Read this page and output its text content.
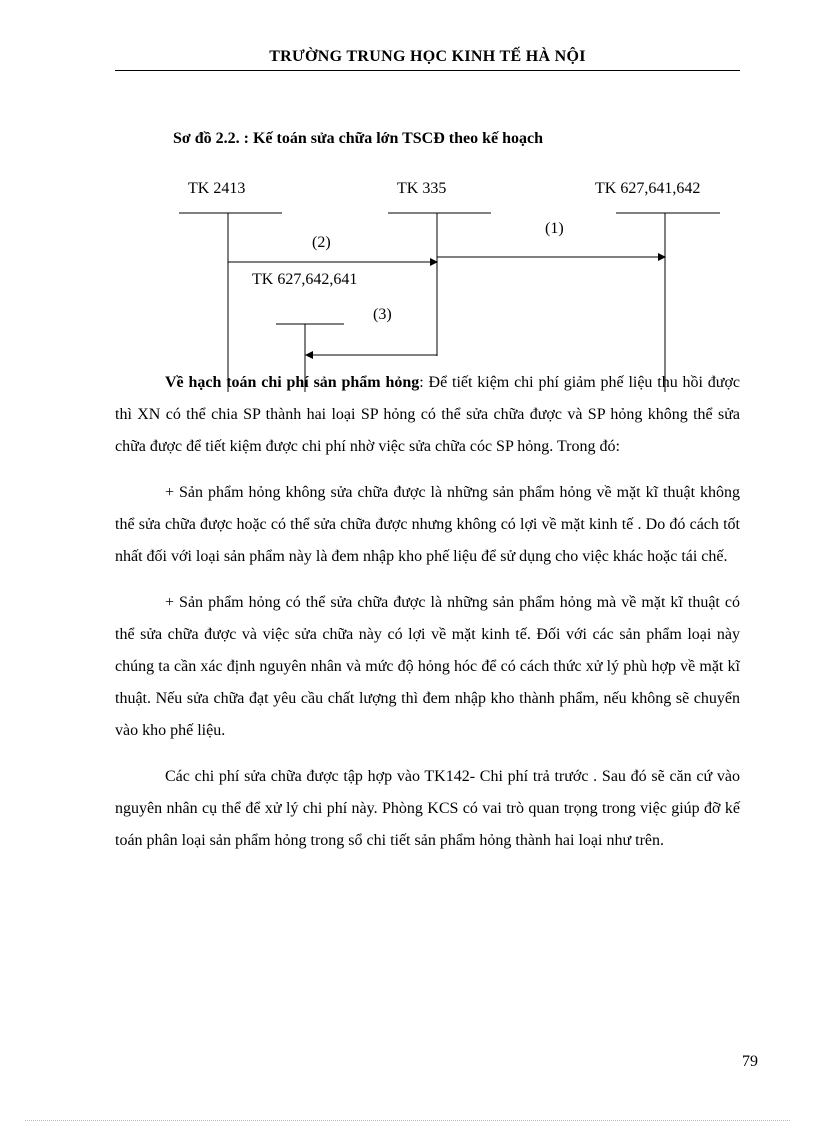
TRƯỜNG TRUNG HỌC KINH TẾ HÀ NỘI
Sơ đồ 2.2. : Kế toán sửa chữa lớn TSCĐ theo kế hoạch
TK 2413	TK 335	TK 627,641,642
TK 627,642,641
(1)
(2)
(3)

Về hạch toán chi phí sản phẩm hỏng: Để tiết kiệm chi phí giảm phế liệu thu hồi được thì XN có thể chia SP thành hai loại SP hỏng có thể sửa chữa được và SP hỏng không thể sửa chữa được để tiết kiệm được chi phí nhờ việc sửa chữa cóc SP hỏng. Trong đó:

+ Sản phẩm hỏng không sửa chữa được là những sản phẩm hỏng về mặt kĩ thuật không thể sửa chữa được hoặc có thể sửa chữa được nhưng không có lợi về mặt kinh tế . Do đó cách tốt nhất đối với loại sản phẩm này là đem nhập kho phế liệu để sử dụng cho việc khác hoặc tái chế.

+ Sản phẩm hỏng có thể sửa chữa được là những sản phẩm hỏng mà về mặt kĩ thuật có thể sửa chữa được và việc sửa chữa này có lợi về mặt kinh tế. Đối với các sản phẩm loại này chúng ta cần xác định nguyên nhân và mức độ hỏng hóc để có cách thức xử lý phù hợp về mặt kĩ thuật. Nếu sửa chữa đạt yêu cầu chất lượng thì đem nhập kho thành phẩm, nếu không sẽ chuyển vào kho phế liệu.

Các chi phí sửa chữa được tập hợp vào TK142- Chi phí trả trước . Sau đó sẽ căn cứ vào nguyên nhân cụ thể để xử lý chi phí này. Phòng KCS có vai trò quan trọng trong việc giúp đỡ kế toán phân loại sản phẩm hỏng trong sổ chi tiết sản phẩm hỏng thành hai loại như trên.

79
